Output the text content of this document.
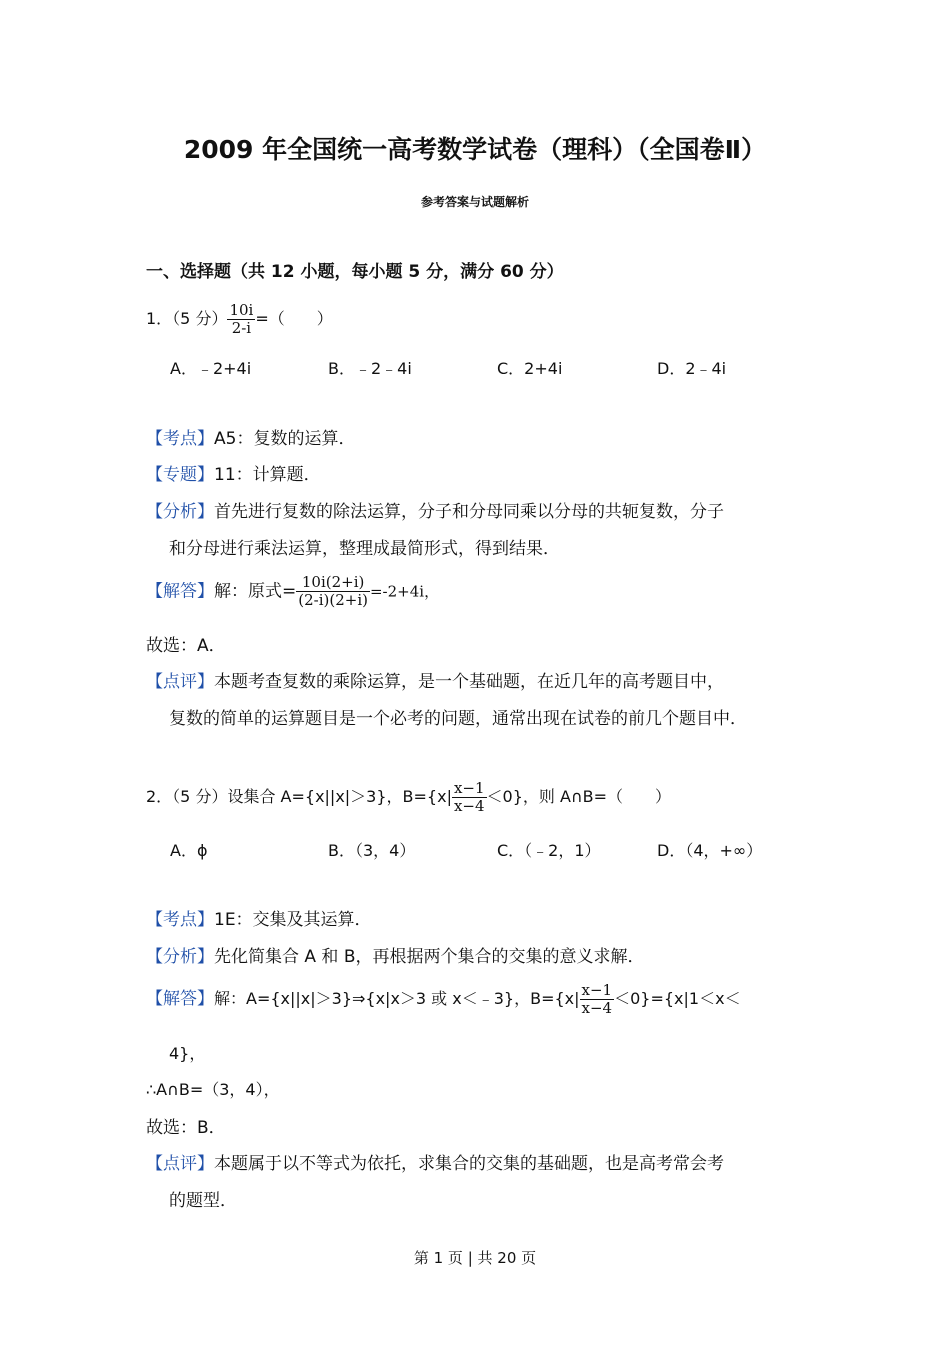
2009 年全国统一高考数学试卷（理科）（全国卷Ⅱ）
参考答案与试题解析
一、选择题（共 12 小题，每小题 5 分，满分 60 分）
1．（5 分） $\frac{10i}{2-i}$ =（　　）
A．﹣2+4i	B．﹣2﹣4i	C．2+4i	D．2﹣4i
【考点】A5：复数的运算．
【专题】11：计算题．
【分析】首先进行复数的除法运算，分子和分母同乘以分母的共轭复数，分子
和分母进行乘法运算，整理成最简形式，得到结果．
【解答】解：原式= $\frac{10i(2+i)}{(2-i)(2+i)} =-2+4i$，
故选：A．
【点评】本题考查复数的乘除运算，是一个基础题，在近几年的高考题目中，
复数的简单的运算题目是一个必考的问题，通常出现在试卷的前几个题目中．
2．（5 分）设集合 A={x||x|＞3}，$B=\{x| \frac{x-1}{x-4} <0\}$，则 A∩B=（　　）
A．ϕ	B．（3，4）	C．（﹣2，1）	D．（4，+∞）
【考点】1E：交集及其运算．
【分析】先化简集合 A 和 B，再根据两个集合的交集的意义求解．
【解答】解：A={x||x|＞3}⇒{x|x＞3 或 x＜﹣3}，$B=\{x| \frac{x-1}{x-4} <0\}=\{x|1<x<$
4}，
∴A∩B=（3，4），
故选：B．
【点评】本题属于以不等式为依托，求集合的交集的基础题，也是高考常会考
的题型．
第 1 页 | 共 20 页
